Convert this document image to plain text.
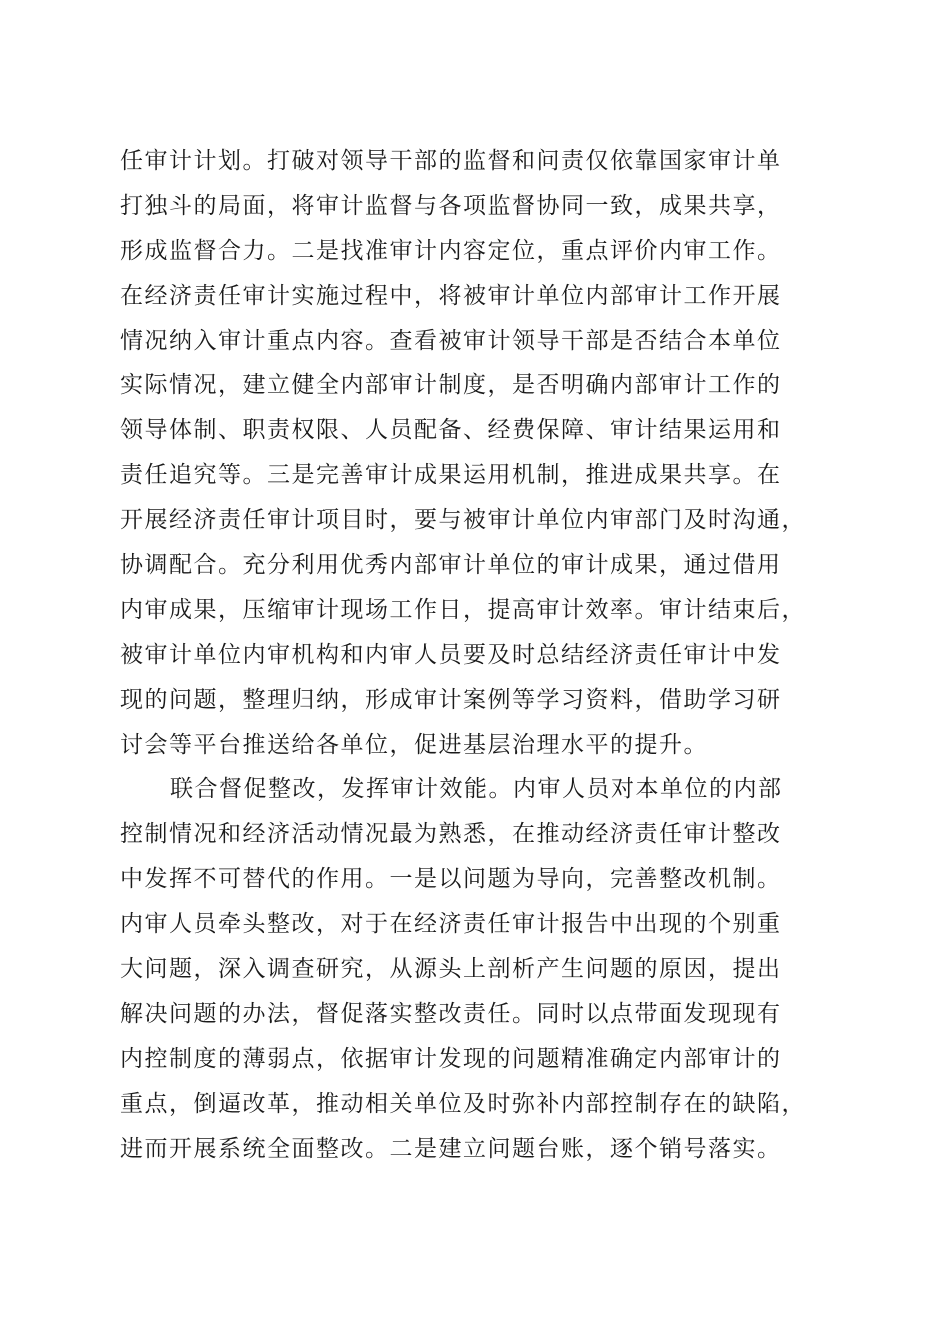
任审计计划。打破对领导干部的监督和问责仅依靠国家审计单
打独斗的局面，将审计监督与各项监督协同一致，成果共享，
形成监督合力。二是找准审计内容定位，重点评价内审工作。
在经济责任审计实施过程中，将被审计单位内部审计工作开展
情况纳入审计重点内容。查看被审计领导干部是否结合本单位
实际情况，建立健全内部审计制度，是否明确内部审计工作的
领导体制、职责权限、人员配备、经费保障、审计结果运用和
责任追究等。三是完善审计成果运用机制，推进成果共享。在
开展经济责任审计项目时，要与被审计单位内审部门及时沟通，
协调配合。充分利用优秀内部审计单位的审计成果，通过借用
内审成果，压缩审计现场工作日，提高审计效率。审计结束后，
被审计单位内审机构和内审人员要及时总结经济责任审计中发
现的问题，整理归纳，形成审计案例等学习资料，借助学习研
讨会等平台推送给各单位，促进基层治理水平的提升。
联合督促整改，发挥审计效能。内审人员对本单位的内部
控制情况和经济活动情况最为熟悉，在推动经济责任审计整改
中发挥不可替代的作用。一是以问题为导向，完善整改机制。
内审人员牵头整改，对于在经济责任审计报告中出现的个别重
大问题，深入调查研究，从源头上剖析产生问题的原因，提出
解决问题的办法，督促落实整改责任。同时以点带面发现现有
内控制度的薄弱点，依据审计发现的问题精准确定内部审计的
重点，倒逼改革，推动相关单位及时弥补内部控制存在的缺陷，
进而开展系统全面整改。二是建立问题台账，逐个销号落实。
